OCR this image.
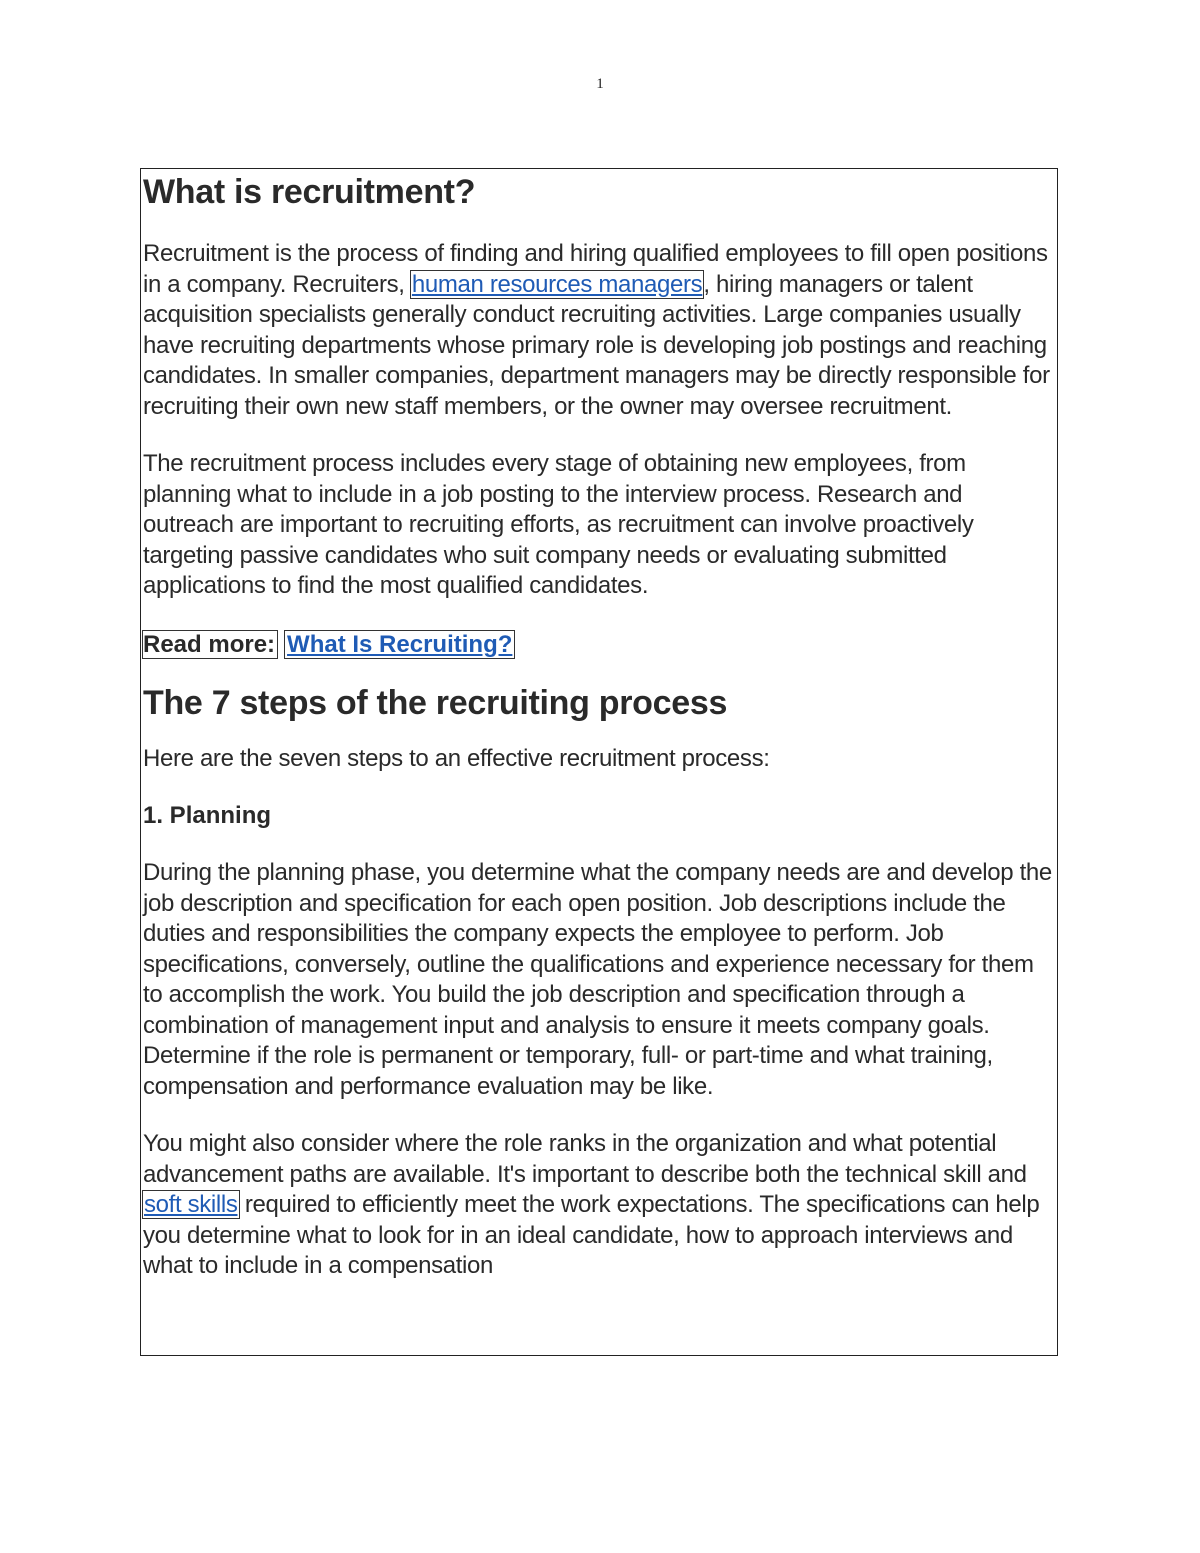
1
What is recruitment?

Recruitment is the process of finding and hiring qualified employees to fill open positions in a company. Recruiters, human resources managers, hiring managers or talent acquisition specialists generally conduct recruiting activities. Large companies usually have recruiting departments whose primary role is developing job postings and reaching candidates. In smaller companies, department managers may be directly responsible for recruiting their own new staff members, or the owner may oversee recruitment.

The recruitment process includes every stage of obtaining new employees, from planning what to include in a job posting to the interview process. Research and outreach are important to recruiting efforts, as recruitment can involve proactively targeting passive candidates who suit company needs or evaluating submitted applications to find the most qualified candidates.

Read more: What Is Recruiting?
The 7 steps of the recruiting process

Here are the seven steps to an effective recruitment process:

1. Planning

During the planning phase, you determine what the company needs are and develop the job description and specification for each open position. Job descriptions include the duties and responsibilities the company expects the employee to perform. Job specifications, conversely, outline the qualifications and experience necessary for them to accomplish the work. You build the job description and specification through a combination of management input and analysis to ensure it meets company goals. Determine if the role is permanent or temporary, full- or part-time and what training, compensation and performance evaluation may be like.

You might also consider where the role ranks in the organization and what potential advancement paths are available. It's important to describe both the technical skill and soft skills required to efficiently meet the work expectations. The specifications can help you determine what to look for in an ideal candidate, how to approach interviews and what to include in a compensation
